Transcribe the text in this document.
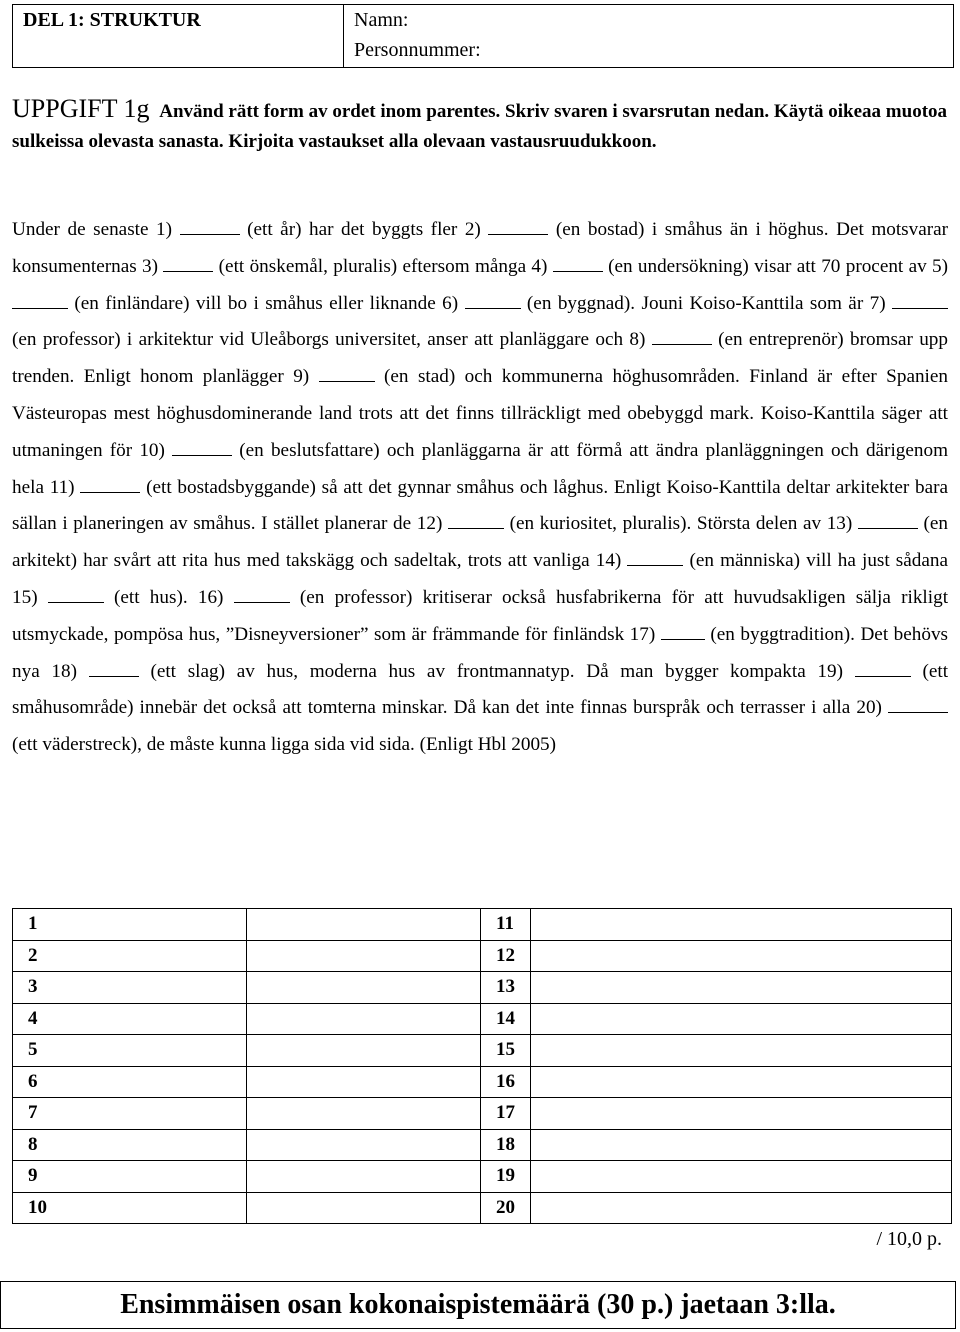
DEL 1: STRUKTUR	Namn:
Personnummer:
UPPGIFT 1g Använd rätt form av ordet inom parentes. Skriv svaren i svarsrutan nedan. Käytä oikeaa muotoa sulkeissa olevasta sanasta. Kirjoita vastaukset alla olevaan vastausruudukkoon.
Under de senaste 1)	(ett år) har det byggts fler 2)	(en bostad) i småhus än i höghus. Det motsvarar konsumenternas 3)	(ett önskemål, pluralis) eftersom många 4)	(en undersökning) visar att 70 procent av 5)  (en finländare) vill bo i småhus eller liknande 6)	(en byggnad). Jouni Koiso-Kanttila som är 7)  (en professor) i arkitektur vid Uleåborgs universitet, anser att planläggare och 8)	(en entreprenör) bromsar upp trenden. Enligt honom planlägger 9)	(en stad) och kommunerna höghusområden. Finland är efter Spanien Västeuropas mest höghusdominerande land trots att det finns tillräckligt med obebyggd mark. Koiso-Kanttila säger att utmaningen för 10)	(en beslutsfattare) och planläggarna är att förmå att ändra planläggningen och därigenom hela 11)	(ett bostadsbyggande) så att det gynnar småhus och låghus. Enligt Koiso-Kanttila deltar arkitekter bara sällan i planeringen av småhus. I stället planerar de 12)	(en kuriositet, pluralis). Största delen av 13)	(en arkitekt) har svårt att rita hus med takskägg och sadeltak, trots att vanliga 14)	(en människa) vill ha just sådana 15)	(ett hus). 16)	(en professor) kritiserar också husfabrikerna för att huvudsakligen sälja rikligt utsmyckade, pompösa hus, ”Disneyversioner” som är främmande för finländsk 17)	(en byggtradition). Det behövs nya 18)	(ett slag) av hus, moderna hus av frontmannatyp. Då man bygger kompakta 19)	(ett småhusområde) innebär det också att tomterna minskar. Då kan det inte finnas burspråk och terrasser i alla 20)  (ett väderstreck), de måste kunna ligga sida vid sida. (Enligt Hbl 2005)
1		11	
2		12	
3		13	
4		14	
5		15	
6		16	
7		17	
8		18	
9		19	
10		20	
/ 10,0 p.
Ensimmäisen osan kokonaispistemäärä (30 p.) jaetaan 3:lla.
